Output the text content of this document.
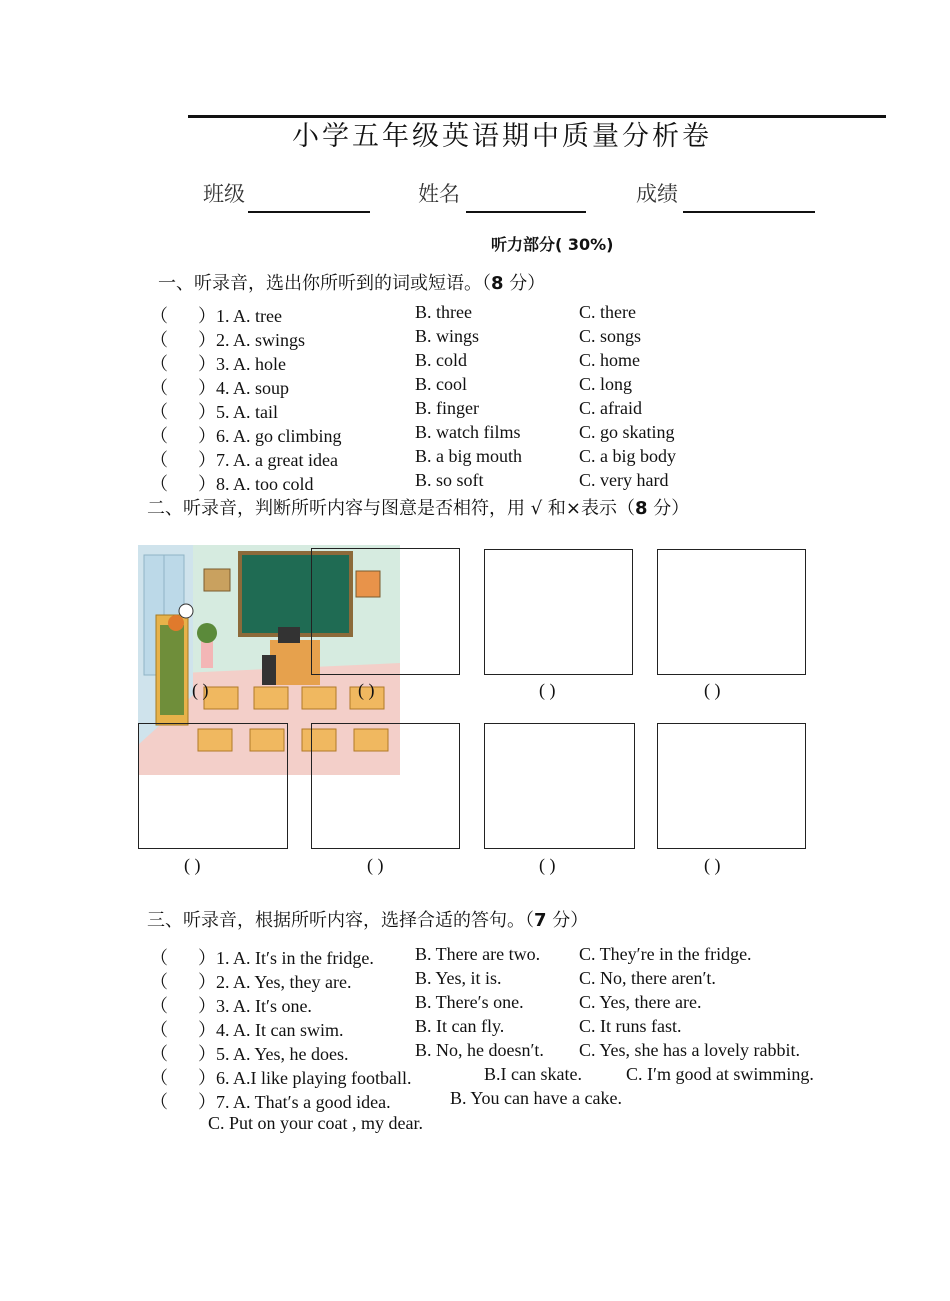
小学五年级英语期中质量分析卷
班级	姓名	成绩
听力部分( 30%)
一、听录音，选出你所听到的词或短语。（8 分）
（ ）1. A. tree	B. three	C. there
（ ）2. A. swings	B. wings	C. songs
（ ）3. A. hole	B. cold	C. home
（ ）4. A. soup	B. cool	C. long
（ ）5. A. tail	B. finger	C. afraid
（ ）6. A. go climbing	B. watch films	C. go skating
（ ）7. A. a great idea	B. a big mouth	C. a big body
（ ）8. A. too cold	B. so soft	C. very hard
二、听录音，判断所听内容与图意是否相符，用 √ 和×表示（8 分）
( )	( )	( )	( )
( )	( )	( )	( )
三、听录音，根据所听内容，选择合适的答句。（7 分）
（ ）1. A. It′s in the fridge. B. There are two. C. They′re in the fridge.
（ ）2. A. Yes, they are.	B. Yes, it is.	C. No, there aren′t.
（ ）3. A. It′s one.	B. There′s one.	C. Yes, there are.
（ ）4. A. It can swim.	B. It can fly.	C. It runs fast.
（ ）5. A. Yes, he does.	B. No, he doesn′t. C. Yes, she has a lovely rabbit.
（ ）6. A.I like playing football.	B.I can skate. C. I′m good at swimming.
（ ）7. A. That′s a good idea.	B. You can have a cake.
C. Put on your coat , my dear.
